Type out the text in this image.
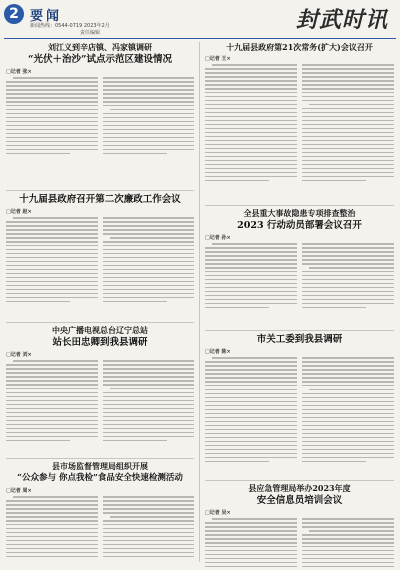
2 要闻
新闻热线：0544-0719 2023年2月
责任编辑	封武时讯
刘江义到辛店镇、冯家镇调研
“光伏＋治沙”试点示范区建设情况
□记者 张×
十九届县政府第21次常务(扩大)会议召开
□记者 王×
十九届县政府召开第二次廉政工作会议
□记者 赵×	全县重大事故隐患专项排查整治
2023 行动动员部署会议召开
□记者 孙×
中央广播电视总台辽宁总站
站长田忠卿到我县调研
□记者 刘×
市关工委到我县调研
□记者 陈×
县市场监督管理局组织开展
“公众参与 你点我检”食品安全快速检测活动
□记者 周×	县应急管理局举办2023年度
安全信息员培训会议
□记者 吴×
